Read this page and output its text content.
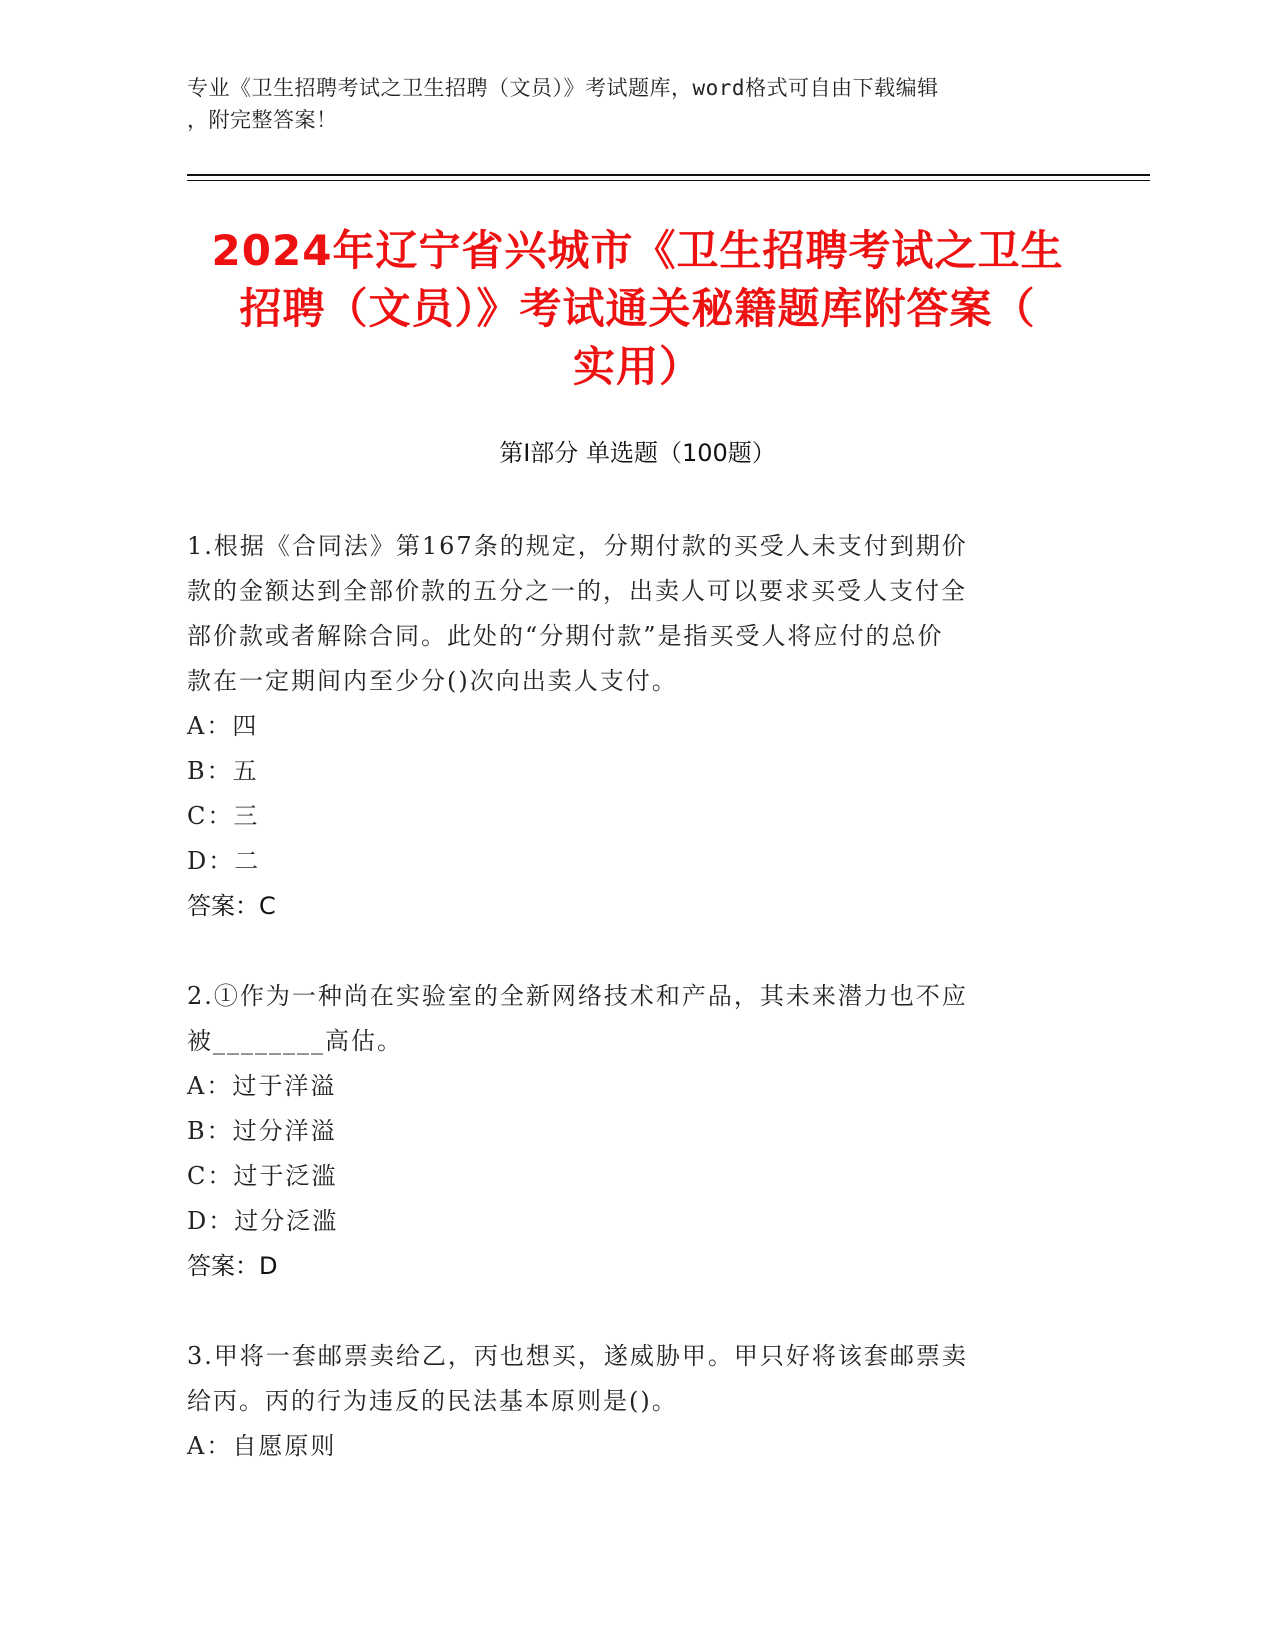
专业《卫生招聘考试之卫生招聘（文员）》考试题库，word格式可自由下载编辑
，附完整答案！
2024年辽宁省兴城市《卫生招聘考试之卫生
招聘（文员）》考试通关秘籍题库附答案（
实用）
第I部分 单选题（100题）
1.根据《合同法》第167条的规定，分期付款的买受人未支付到期价
款的金额达到全部价款的五分之一的，出卖人可以要求买受人支付全
部价款或者解除合同。此处的“分期付款”是指买受人将应付的总价
款在一定期间内至少分()次向出卖人支付。
A：四
B：五
C：三
D：二
答案：C
2.①作为一种尚在实验室的全新网络技术和产品，其未来潜力也不应
被________高估。
A：过于洋溢
B：过分洋溢
C：过于泛滥
D：过分泛滥
答案：D
3.甲将一套邮票卖给乙，丙也想买，遂威胁甲。甲只好将该套邮票卖
给丙。丙的行为违反的民法基本原则是()。
A：自愿原则
